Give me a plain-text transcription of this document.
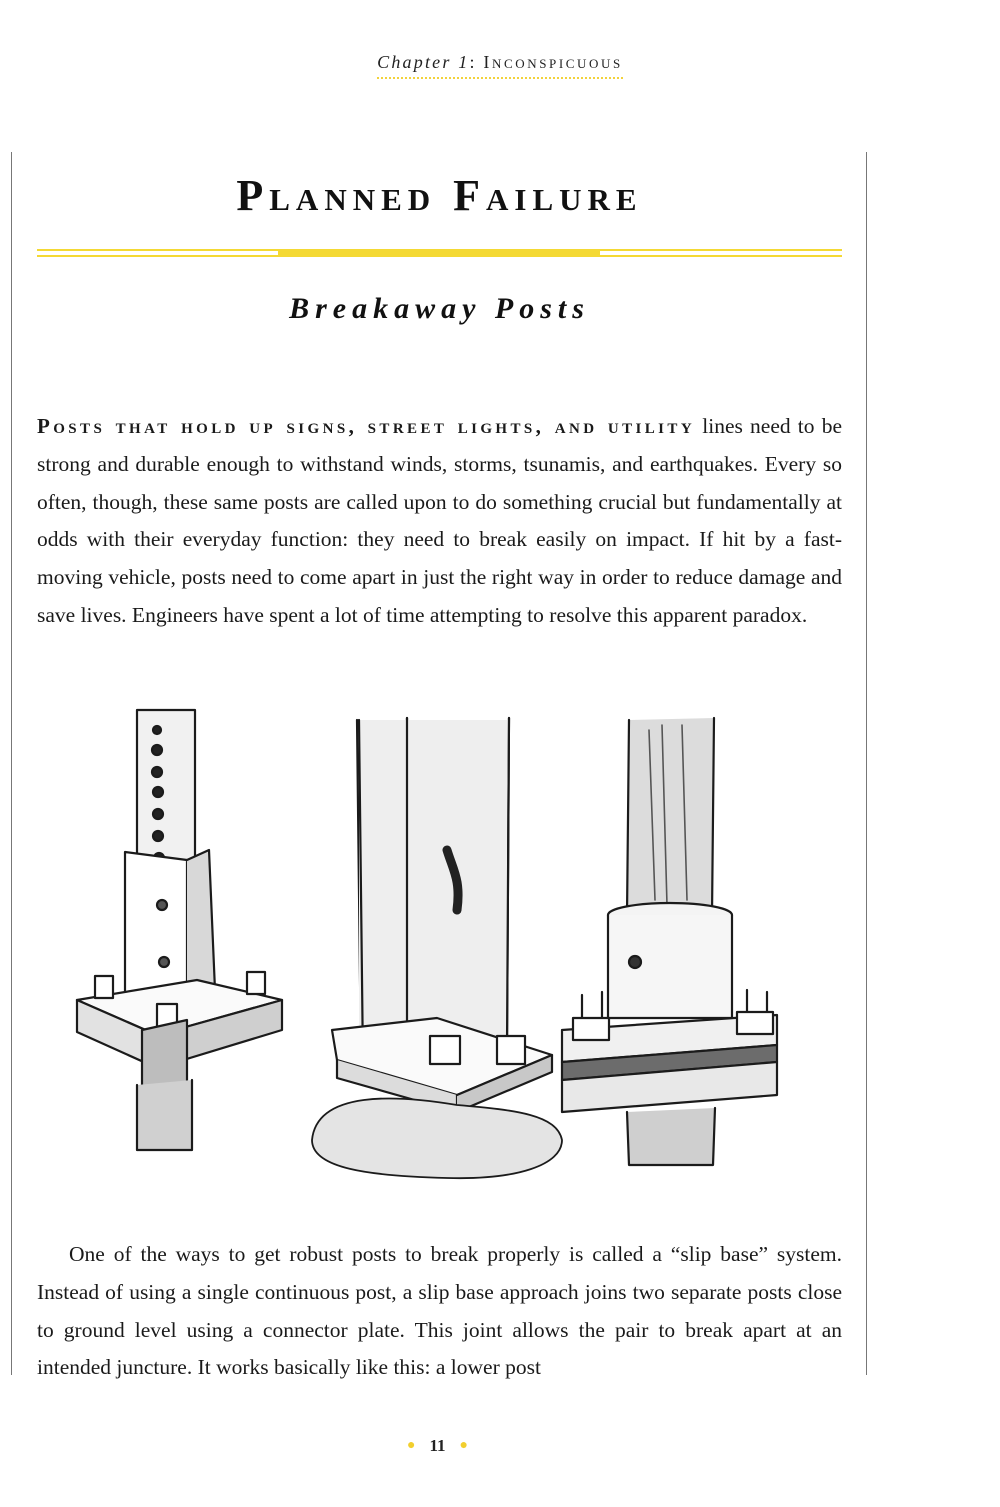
Chapter 1: Inconspicuous
Planned Failure
Breakaway Posts

Posts that hold up signs, street lights, and utility lines need to be strong and durable enough to withstand winds, storms, tsunamis, and earthquakes. Every so often, though, these same posts are called upon to do something crucial but fundamentally at odds with their everyday function: they need to break easily on impact. If hit by a fast-moving vehicle, posts need to come apart in just the right way in order to reduce damage and save lives. Engineers have spent a lot of time attempting to resolve this apparent paradox.

One of the ways to get robust posts to break properly is called a “slip base” system. Instead of using a single continuous post, a slip base approach joins two separate posts close to ground level using a connector plate. This joint allows the pair to break apart at an intended juncture. It works basically like this: a lower post

● 11 ●
